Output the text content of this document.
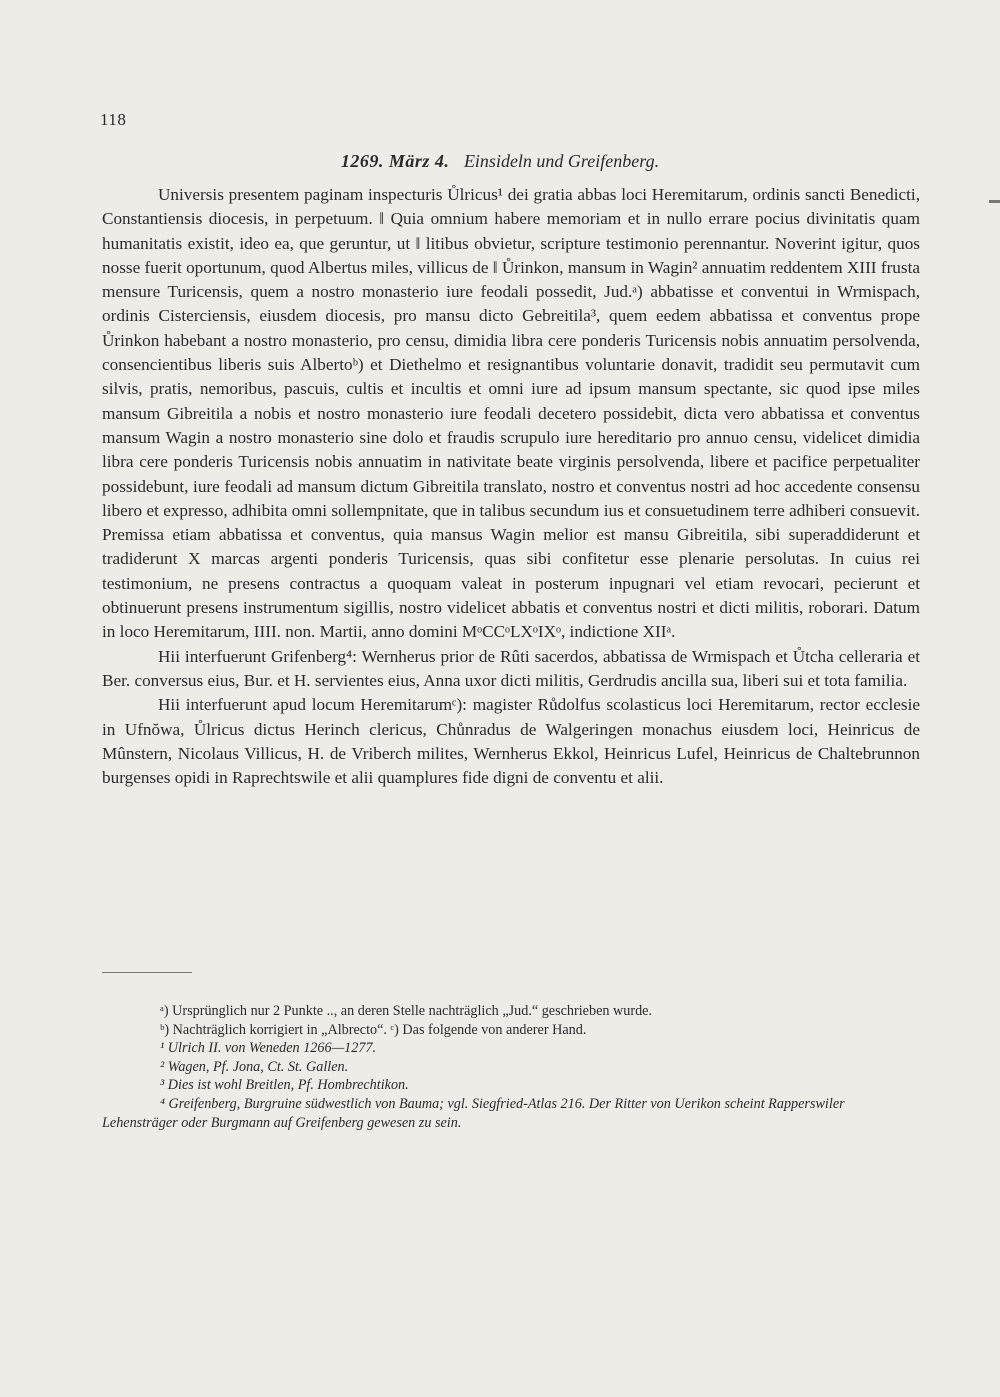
118
1269. März 4. Einsideln und Greifenberg.

Universis presentem paginam inspecturis Ůlricus¹ dei gratia abbas loci Heremitarum, ordinis sancti Benedicti, Constantiensis diocesis, in perpetuum. ‖ Quia omnium habere memoriam et in nullo errare pocius divinitatis quam humanitatis existit, ideo ea, que geruntur, ut ‖ litibus obvietur, scripture testimonio perennantur. Noverint igitur, quos nosse fuerit oportunum, quod Albertus miles, villicus de ‖ Ůrinkon, mansum in Wagin² annuatim reddentem XIII frusta mensure Turicensis, quem a nostro monasterio iure feodali possedit, Jud.ᵃ) abbatisse et conventui in Wrmispach, ordinis Cisterciensis, eiusdem diocesis, pro mansu dicto Gebreitila³, quem eedem abbatissa et conventus prope Ůrinkon habebant a nostro monasterio, pro censu, dimidia libra cere ponderis Turicensis nobis annuatim persolvenda, consencientibus liberis suis Albertoᵇ) et Diethelmo et resignantibus voluntarie donavit, tradidit seu permutavit cum silvis, pratis, nemoribus, pascuis, cultis et incultis et omni iure ad ipsum mansum spectante, sic quod ipse miles mansum Gibreitila a nobis et nostro monasterio iure feodali decetero possidebit, dicta vero abbatissa et conventus mansum Wagin a nostro monasterio sine dolo et fraudis scrupulo iure hereditario pro annuo censu, videlicet dimidia libra cere ponderis Turicensis nobis annuatim in nativitate beate virginis persolvenda, libere et pacifice perpetualiter possidebunt, iure feodali ad mansum dictum Gibreitila translato, nostro et conventus nostri ad hoc accedente consensu libero et expresso, adhibita omni sollempnitate, que in talibus secundum ius et consuetudinem terre adhiberi consuevit. Premissa etiam abbatissa et conventus, quia mansus Wagin melior est mansu Gibreitila, sibi superaddiderunt et tradiderunt X marcas argenti ponderis Turicensis, quas sibi confitetur esse plenarie persolutas. In cuius rei testimonium, ne presens contractus a quoquam valeat in posterum inpugnari vel etiam revocari, pecierunt et obtinuerunt presens instrumentum sigillis, nostro videlicet abbatis et conventus nostri et dicti militis, roborari. Datum in loco Heremitarum, IIII. non. Martii, anno domini MᵒCCᵒLXᵒIXᵒ, indictione XIIᵃ.

Hii interfuerunt Grifenberg⁴: Wernherus prior de Rûti sacerdos, abbatissa de Wrmispach et Ůtcha celleraria et Ber. conversus eius, Bur. et H. servientes eius, Anna uxor dicti militis, Gerdrudis ancilla sua, liberi sui et tota familia.

Hii interfuerunt apud locum Heremitarumᶜ): magister Růdolfus scolasticus loci Heremitarum, rector ecclesie in Ufnŏwa, Ůlricus dictus Herinch clericus, Chůnradus de Walgeringen monachus eiusdem loci, Heinricus de Mûnstern, Nicolaus Villicus, H. de Vriberch milites, Wernherus Ekkol, Heinricus Lufel, Heinricus de Chaltebrunnon burgenses opidi in Raprechtswile et alii quamplures fide digni de conventu et alii.

ᵃ) Ursprünglich nur 2 Punkte .., an deren Stelle nachträglich „Jud.“ geschrieben wurde.
ᵇ) Nachträglich korrigiert in „Albrecto“. ᶜ) Das folgende von anderer Hand.
¹ Ulrich II. von Weneden 1266—1277.
² Wagen, Pf. Jona, Ct. St. Gallen.
³ Dies ist wohl Breitlen, Pf. Hombrechtikon.
⁴ Greifenberg, Burgruine südwestlich von Bauma; vgl. Siegfried-Atlas 216. Der Ritter von Uerikon scheint Rapperswiler Lehensträger oder Burgmann auf Greifenberg gewesen zu sein.
